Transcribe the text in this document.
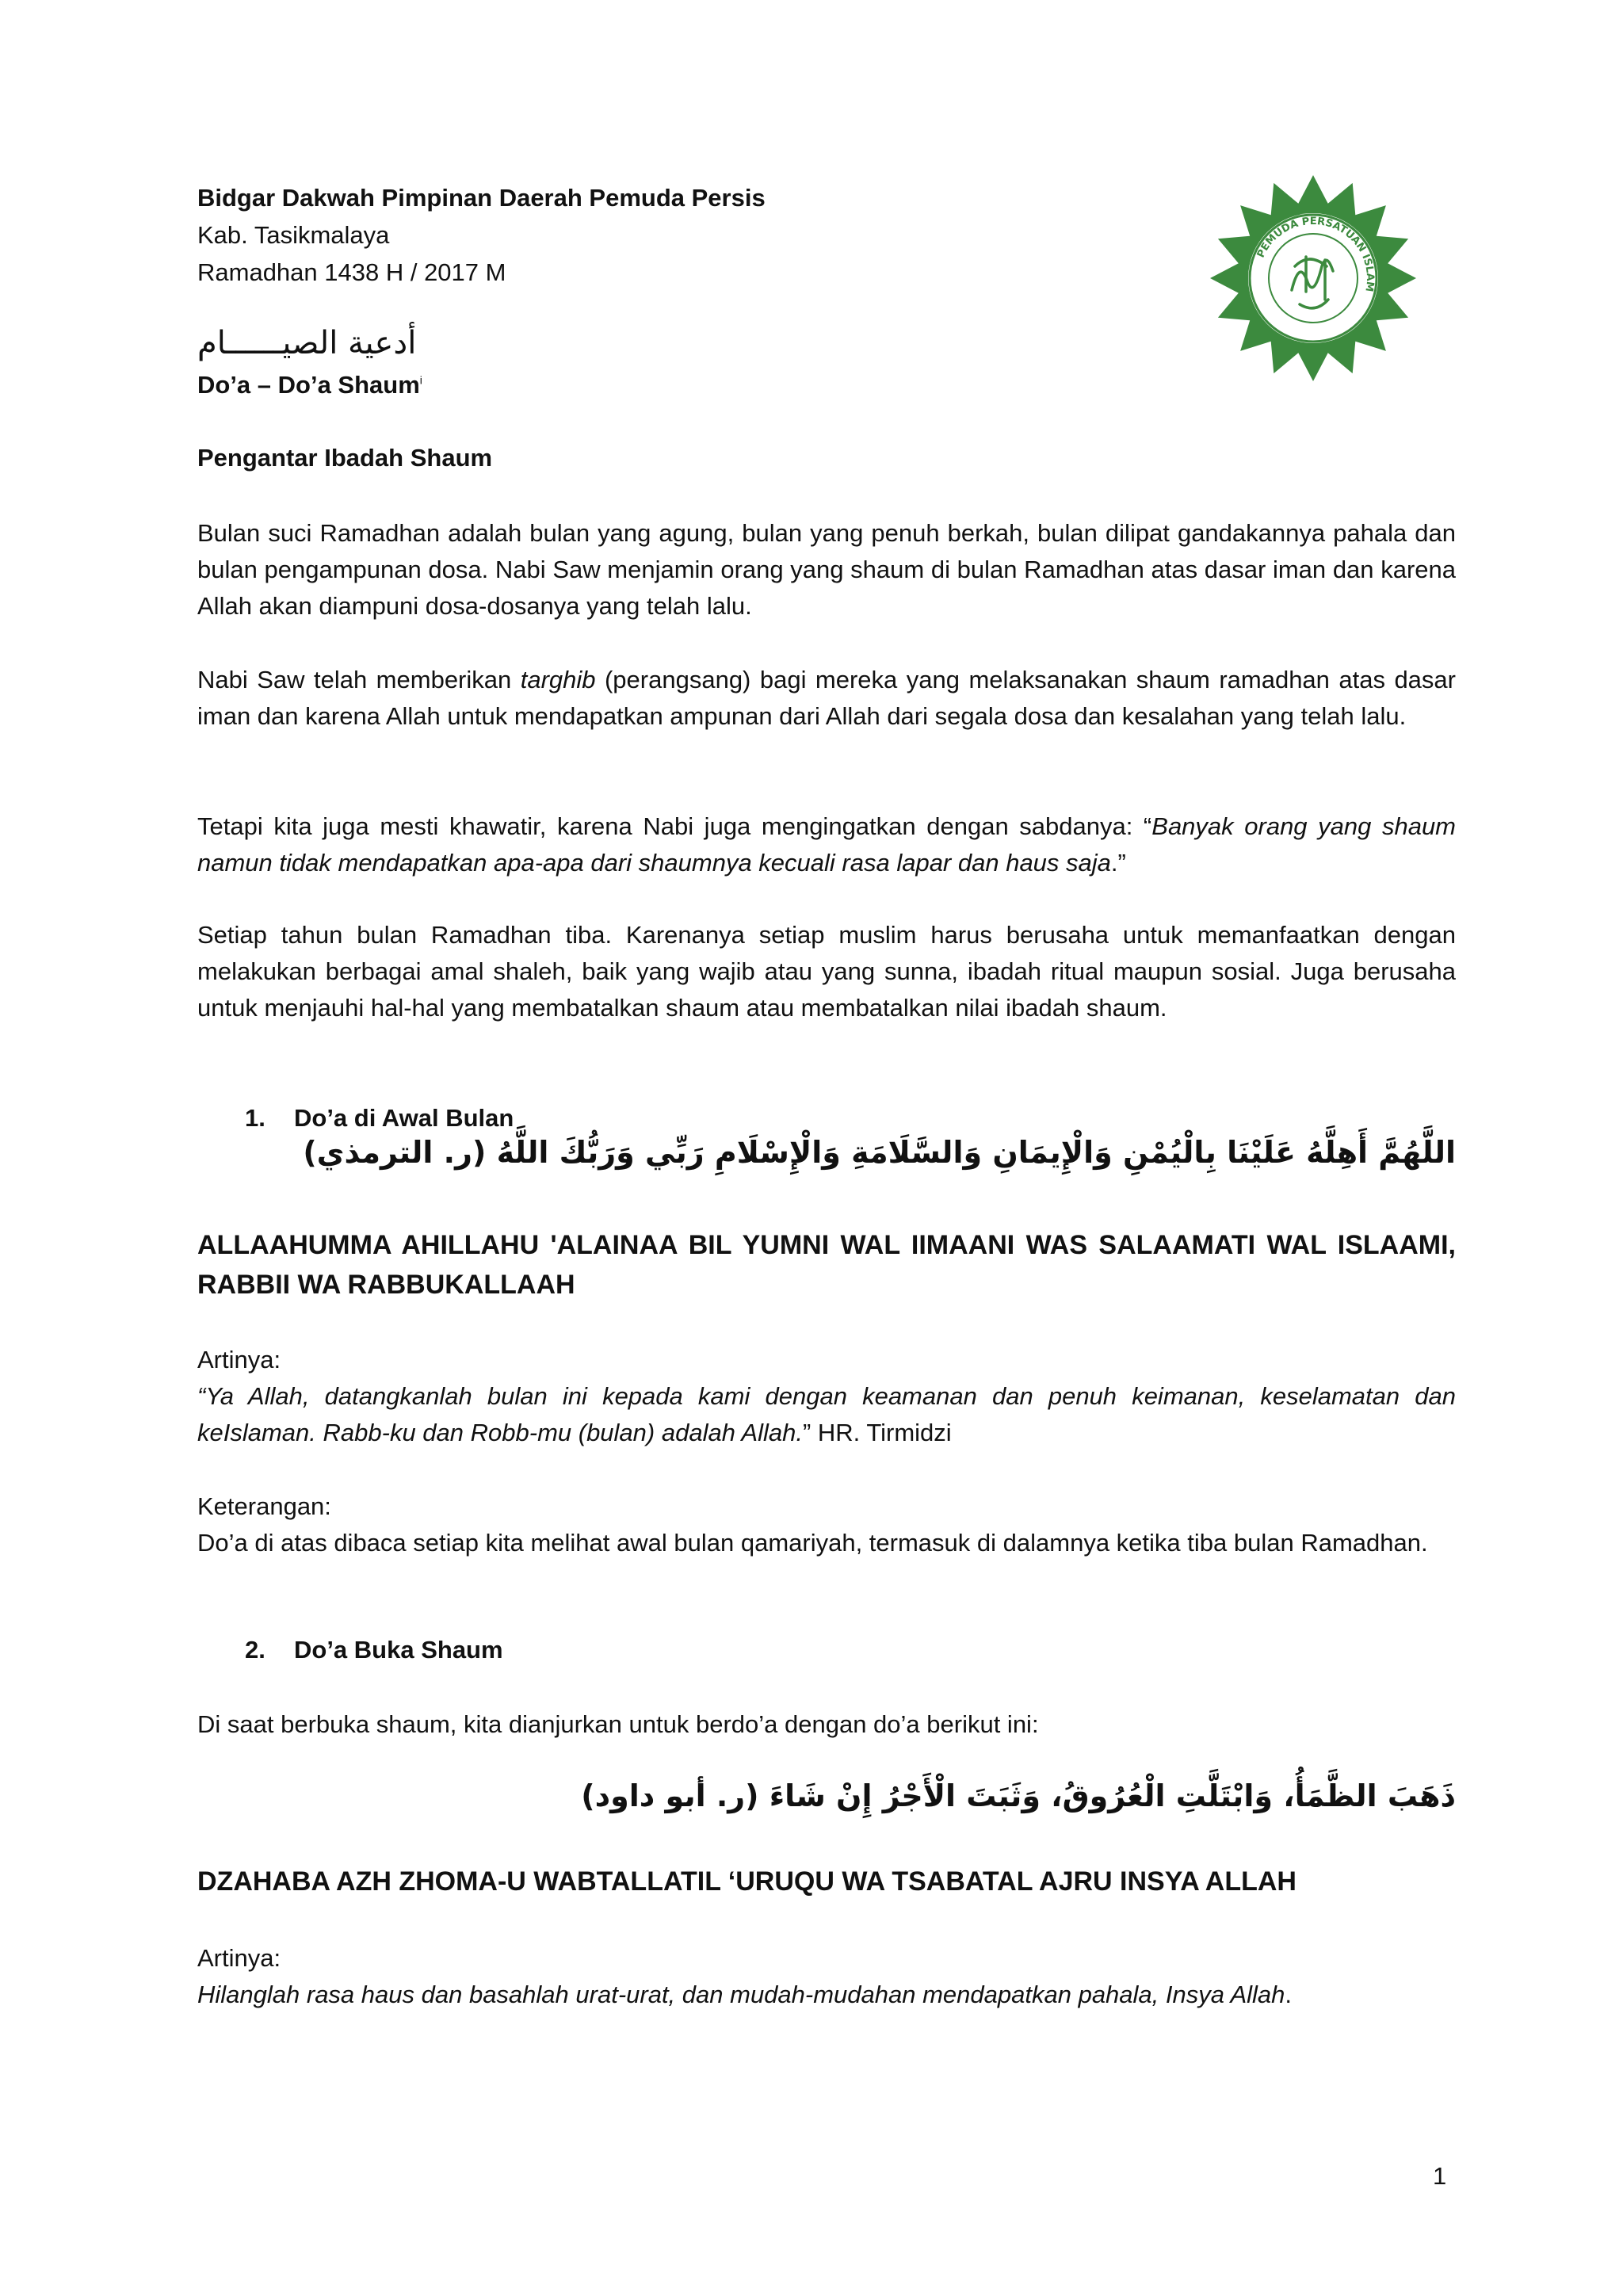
Bidgar Dakwah Pimpinan Daerah Pemuda Persis
Kab. Tasikmalaya
Ramadhan 1438 H / 2017 M
أدعية الصيــــــام
Do’a – Do’a Shaum$^i$
Pengantar Ibadah Shaum
Bulan suci Ramadhan adalah bulan yang agung, bulan yang penuh berkah, bulan dilipat gandakannya pahala dan bulan pengampunan dosa. Nabi Saw menjamin orang yang shaum di bulan Ramadhan atas dasar iman dan karena Allah akan diampuni dosa-dosanya yang telah lalu.
Nabi Saw telah memberikan targhib (perangsang) bagi mereka yang melaksanakan shaum ramadhan atas dasar iman dan karena Allah untuk mendapatkan ampunan dari Allah dari segala dosa dan kesalahan yang telah lalu.
Tetapi kita juga mesti khawatir, karena Nabi juga mengingatkan dengan sabdanya: “Banyak orang yang shaum namun tidak mendapatkan apa-apa dari shaumnya kecuali rasa lapar dan haus saja.”
Setiap tahun bulan Ramadhan tiba. Karenanya setiap muslim harus berusaha untuk memanfaatkan dengan melakukan berbagai amal shaleh, baik yang wajib atau yang sunna, ibadah ritual maupun sosial. Juga berusaha untuk menjauhi hal-hal yang membatalkan shaum atau membatalkan nilai ibadah shaum.
1. Do’a di Awal Bulan
اللَّهُمَّ أَهِلَّهُ عَلَيْنَا بِالْيُمْنِ وَالْإِيمَانِ وَالسَّلَامَةِ وَالْإِسْلَامِ رَبِّي وَرَبُّكَ اللَّهُ (ر. الترمذي)
ALLAAHUMMA AHILLAHU 'ALAINAA BIL YUMNI WAL IIMAANI WAS SALAAMATI WAL ISLAAMI, RABBII WA RABBUKALLAAH
Artinya:
“Ya Allah, datangkanlah bulan ini kepada kami dengan keamanan dan penuh keimanan, keselamatan dan keIslaman. Rabb-ku dan Robb-mu (bulan) adalah Allah.” HR. Tirmidzi
Keterangan:
Do’a di atas dibaca setiap kita melihat awal bulan qamariyah, termasuk di dalamnya ketika tiba bulan Ramadhan.
2. Do’a Buka Shaum
Di saat berbuka shaum, kita dianjurkan untuk berdo’a dengan do’a berikut ini:
ذَهَبَ الظَّمَأُ، وَابْتَلَّتِ الْعُرُوقُ، وَثَبَتَ الْأَجْرُ إِنْ شَاءَ (ر. أبو داود)
DZAHABA AZH ZHOMA-U WABTALLATIL ‘URUQU WA TSABATAL AJRU INSYA ALLAH
Artinya:
Hilanglah rasa haus dan basahlah urat-urat, dan mudah-mudahan mendapatkan pahala, Insya Allah.
PEMUDA PERSATUAN ISLAM
1
